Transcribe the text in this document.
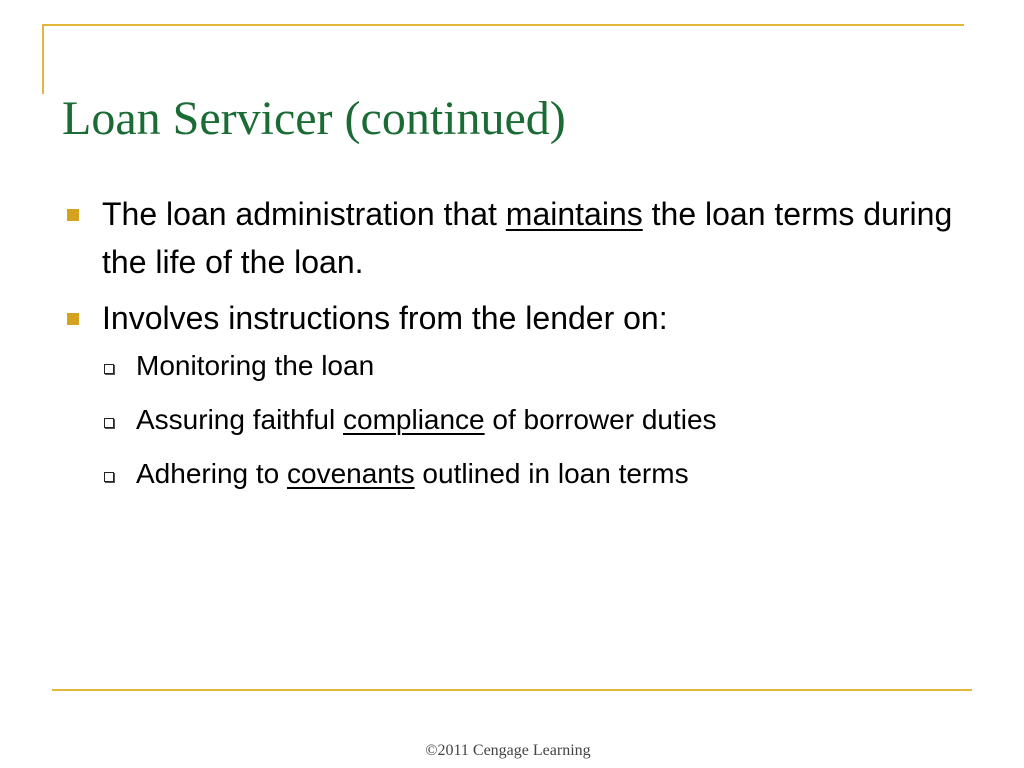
Loan Servicer (continued)
The loan administration that maintains the loan terms during the life of the loan.
Involves instructions from the lender on:
Monitoring the loan
Assuring faithful compliance of borrower duties
Adhering to covenants outlined in loan terms
©2011 Cengage Learning
